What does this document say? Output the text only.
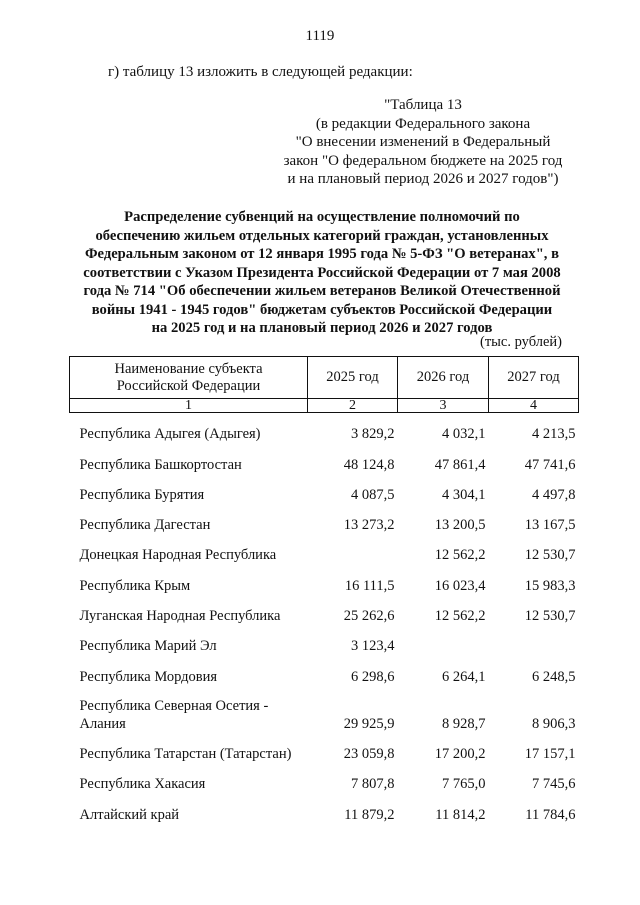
1119
г) таблицу 13 изложить в следующей редакции:
"Таблица 13
(в редакции Федерального закона
"О внесении изменений в Федеральный
закон "О федеральном бюджете на 2025 год
и на плановый период 2026 и 2027 годов")
Распределение субвенций на осуществление полномочий по
обеспечению жильем отдельных категорий граждан, установленных
Федеральным законом от 12 января 1995 года № 5-ФЗ "О ветеранах", в
соответствии с Указом Президента Российской Федерации от 7 мая 2008
года № 714 "Об обеспечении жильем ветеранов Великой Отечественной
войны 1941 - 1945 годов" бюджетам субъектов Российской Федерации
на 2025 год и на плановый период 2026 и 2027 годов
(тыс. рублей)
Наименование субъекта
Российской Федерации	2025 год	2026 год	2027 год
1	2	3	4
Республика Адыгея (Адыгея)	3 829,2	4 032,1	4 213,5
Республика Башкортостан	48 124,8	47 861,4	47 741,6
Республика Бурятия	4 087,5	4 304,1	4 497,8
Республика Дагестан	13 273,2	13 200,5	13 167,5
Донецкая Народная Республика		12 562,2	12 530,7
Республика Крым	16 111,5	16 023,4	15 983,3
Луганская Народная Республика	25 262,6	12 562,2	12 530,7
Республика Марий Эл	3 123,4		
Республика Мордовия	6 298,6	6 264,1	6 248,5

Республика Северная Осетия -
Алания	29 925,9	8 928,7	8 906,3
Республика Татарстан (Татарстан)	23 059,8	17 200,2	17 157,1
Республика Хакасия	7 807,8	7 765,0	7 745,6
Алтайский край	11 879,2	11 814,2	11 784,6
